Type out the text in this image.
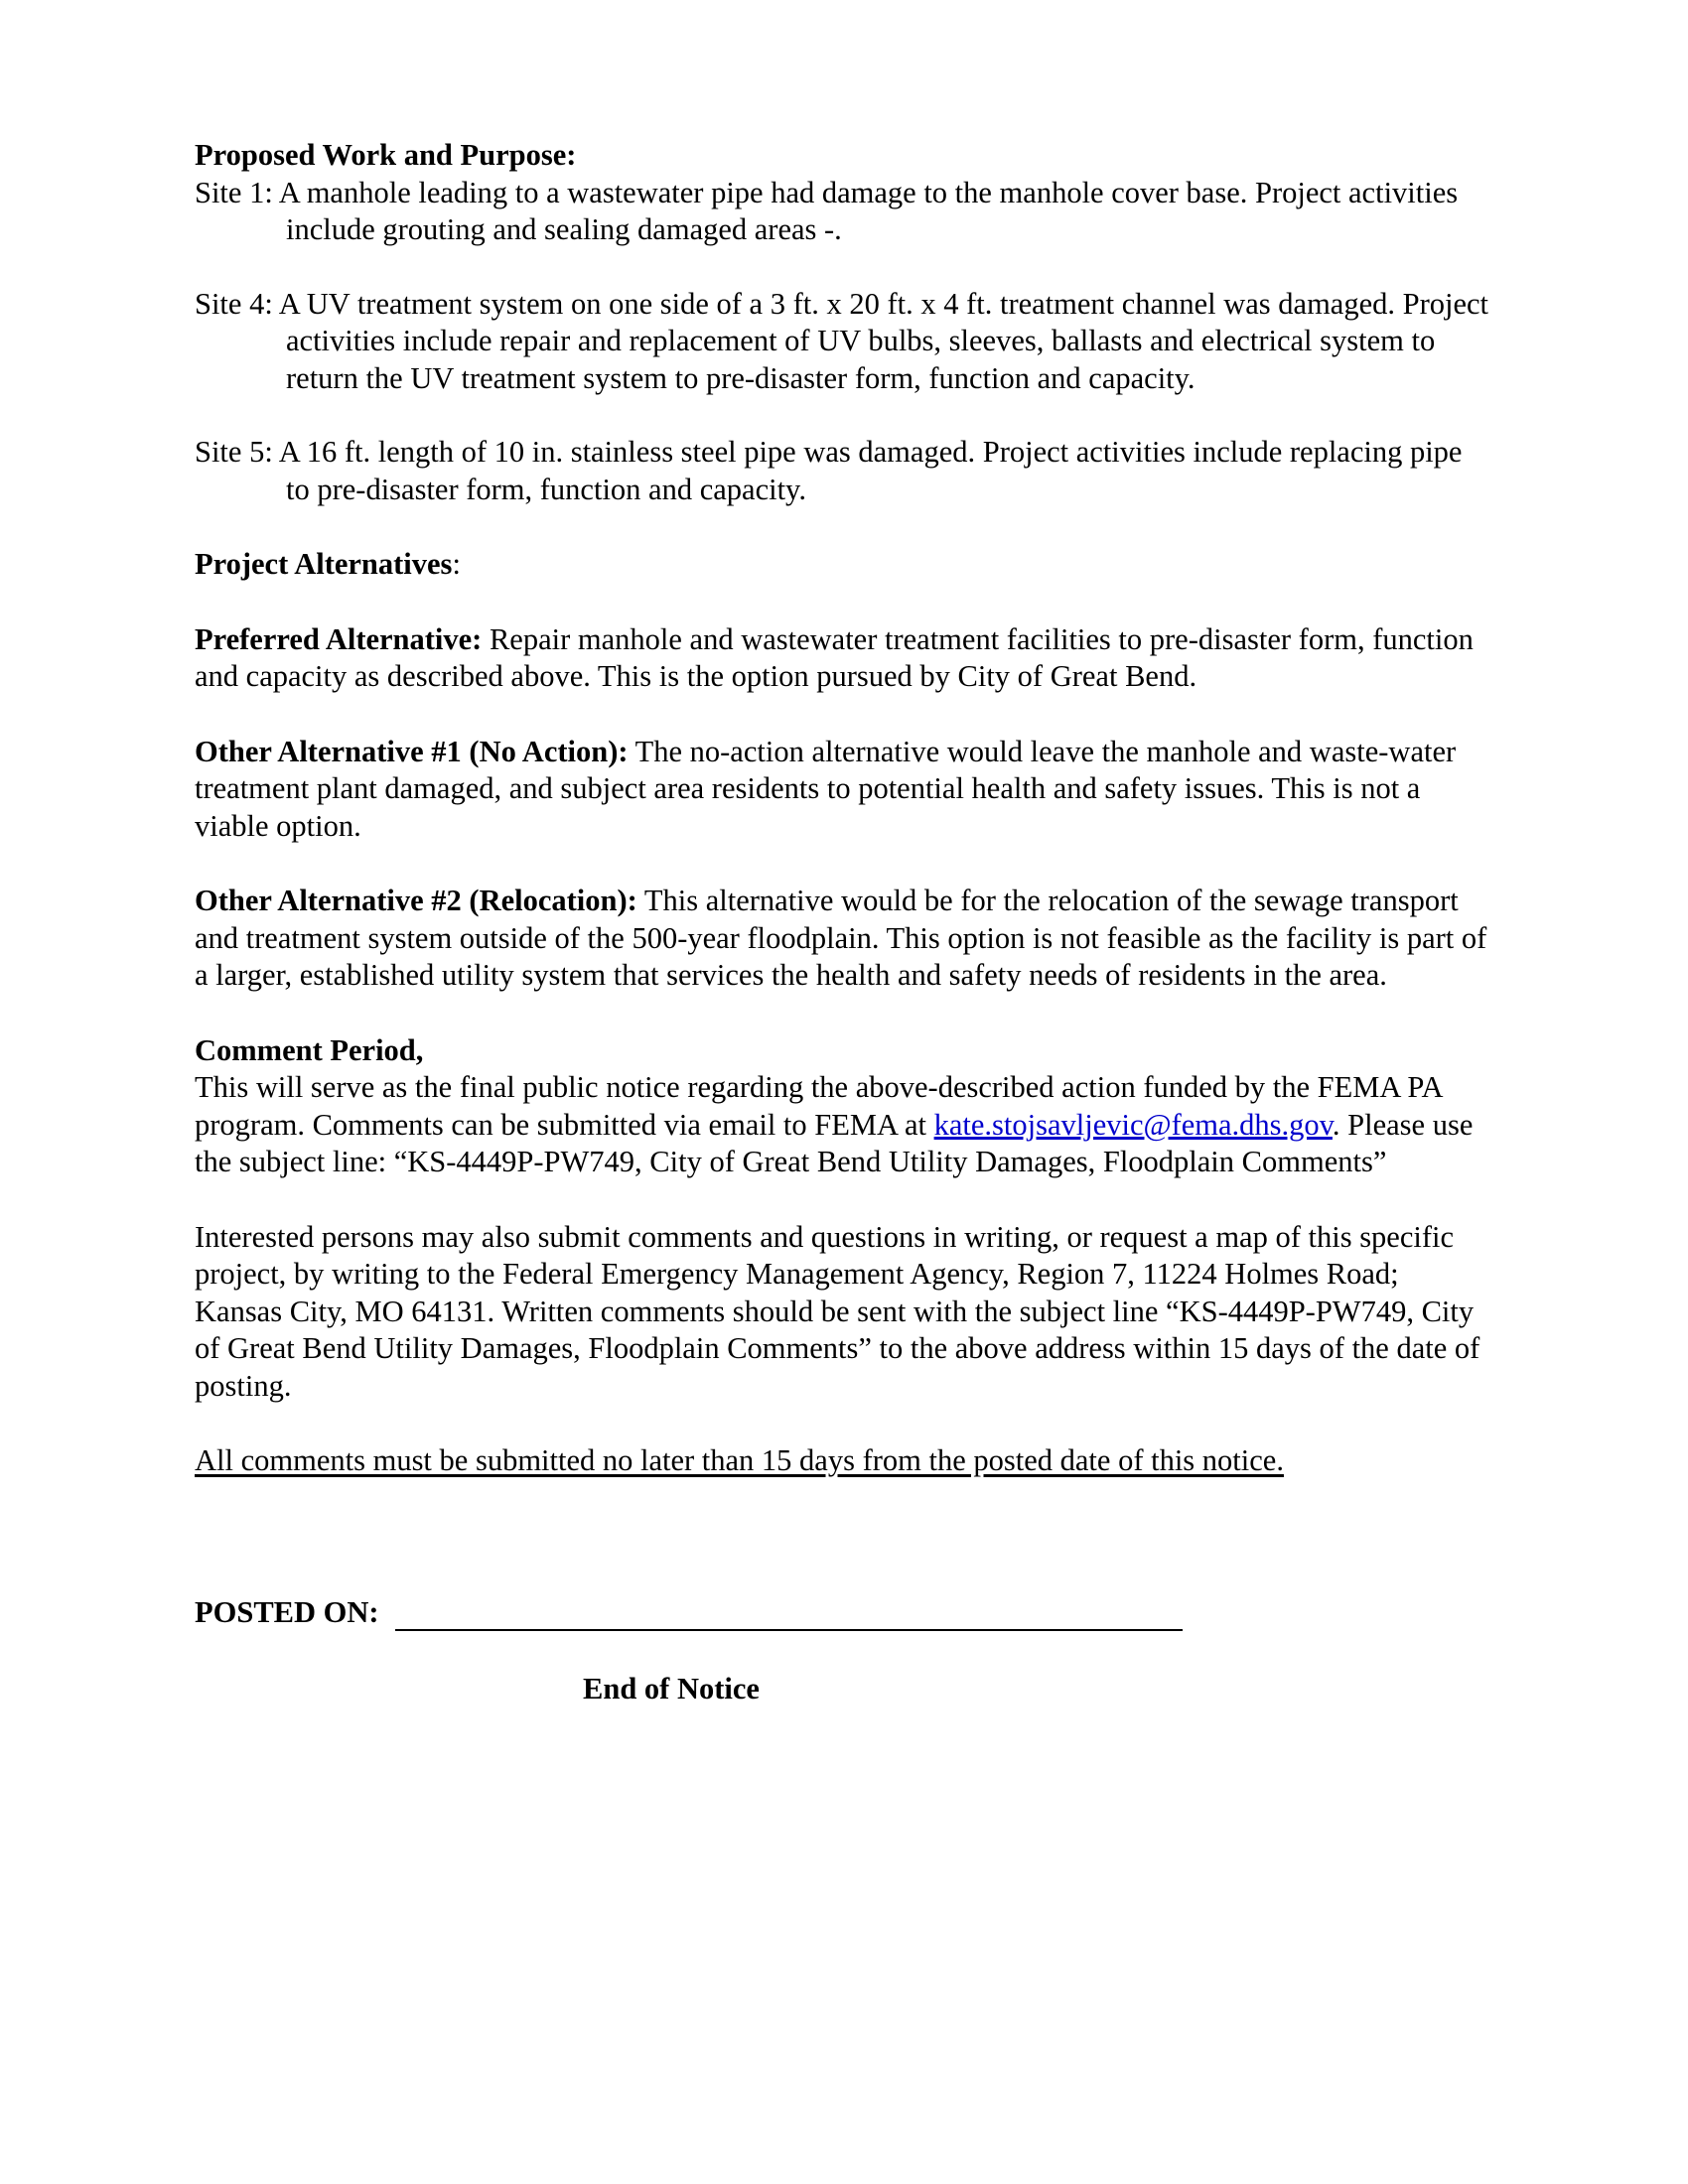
Proposed Work and Purpose:

Site 1: A manhole leading to a wastewater pipe had damage to the manhole cover base. Project activities include grouting and sealing damaged areas -.

Site 4: A UV treatment system on one side of a 3 ft. x 20 ft. x 4 ft. treatment channel was damaged. Project activities include repair and replacement of UV bulbs, sleeves, ballasts and electrical system to return the UV treatment system to pre-disaster form, function and capacity.

Site 5: A 16 ft. length of 10 in. stainless steel pipe was damaged. Project activities include replacing pipe to pre-disaster form, function and capacity.

Project Alternatives:

Preferred Alternative: Repair manhole and wastewater treatment facilities to pre-disaster form, function and capacity as described above. This is the option pursued by City of Great Bend.

Other Alternative #1 (No Action): The no-action alternative would leave the manhole and waste-water treatment plant damaged, and subject area residents to potential health and safety issues. This is not a viable option.

Other Alternative #2 (Relocation): This alternative would be for the relocation of the sewage transport and treatment system outside of the 500-year floodplain. This option is not feasible as the facility is part of a larger, established utility system that services the health and safety needs of residents in the area.

Comment Period,

This will serve as the final public notice regarding the above-described action funded by the FEMA PA program. Comments can be submitted via email to FEMA at kate.stojsavljevic@fema.dhs.gov. Please use the subject line: “KS-4449P-PW749, City of Great Bend Utility Damages, Floodplain Comments”

Interested persons may also submit comments and questions in writing, or request a map of this specific project, by writing to the Federal Emergency Management Agency, Region 7, 11224 Holmes Road; Kansas City, MO 64131. Written comments should be sent with the subject line “KS-4449P-PW749, City of Great Bend Utility Damages, Floodplain Comments” to the above address within 15 days of the date of posting.

All comments must be submitted no later than 15 days from the posted date of this notice.

POSTED ON:
End of Notice
